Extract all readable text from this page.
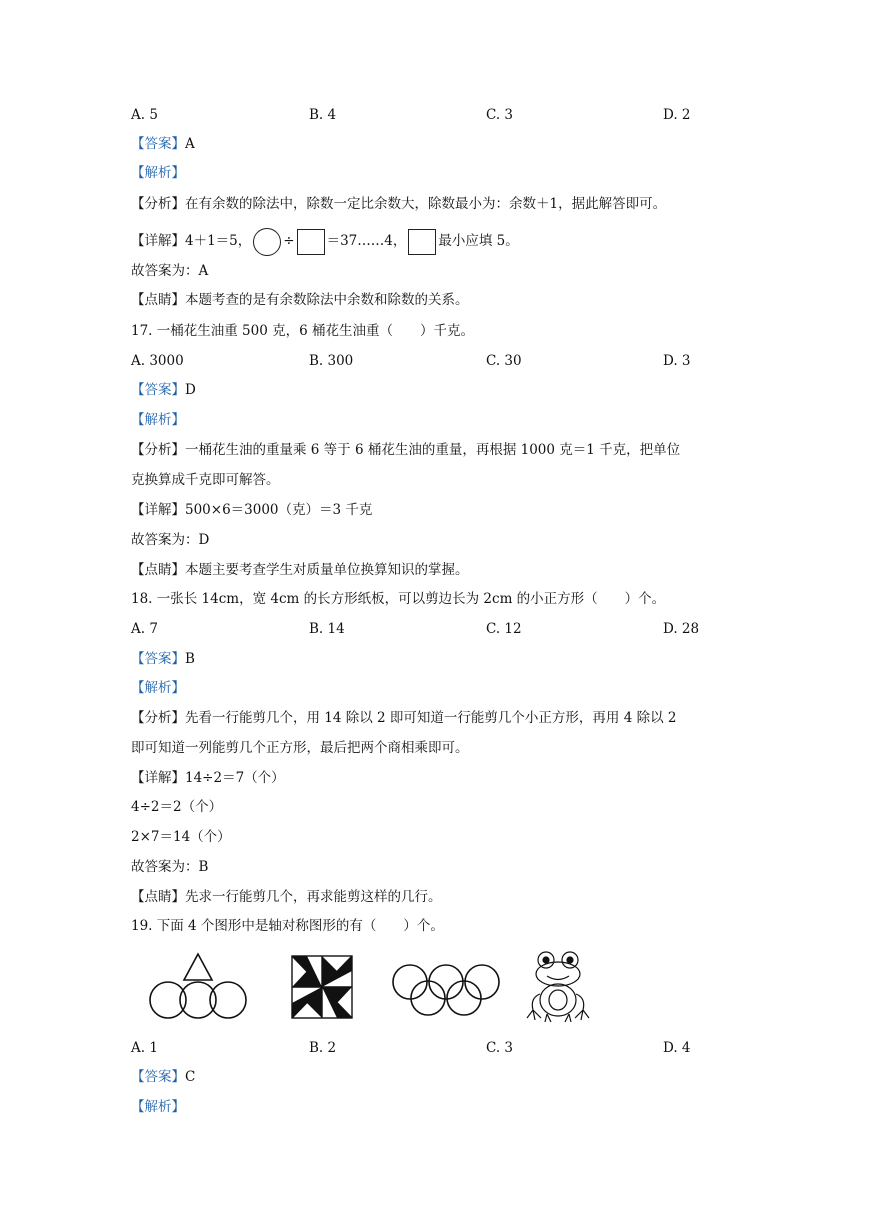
A. 5	B. 4	C. 3	D. 2
【答案】A
【解析】
【分析】在有余数的除法中，除数一定比余数大，除数最小为：余数＋1，据此解答即可。
【详解】4＋1＝5， ÷ ＝37……4， 最小应填 5。
故答案为：A
【点睛】本题考查的是有余数除法中余数和除数的关系。
17. 一桶花生油重 500 克，6 桶花生油重（　　）千克。
A. 3000	B. 300	C. 30	D. 3
【答案】D
【解析】
【分析】一桶花生油的重量乘 6 等于 6 桶花生油的重量，再根据 1000 克＝1 千克，把单位
克换算成千克即可解答。
【详解】500×6＝3000（克）＝3 千克
故答案为：D
【点睛】本题主要考查学生对质量单位换算知识的掌握。
18. 一张长 14cm，宽 4cm 的长方形纸板，可以剪边长为 2cm 的小正方形（　　）个。
A. 7	B. 14	C. 12	D. 28
【答案】B
【解析】
【分析】先看一行能剪几个，用 14 除以 2 即可知道一行能剪几个小正方形，再用 4 除以 2
即可知道一列能剪几个正方形，最后把两个商相乘即可。
【详解】14÷2＝7（个）
4÷2＝2（个）
2×7＝14（个）
故答案为：B
【点睛】先求一行能剪几个，再求能剪这样的几行。
19. 下面 4 个图形中是轴对称图形的有（　　）个。
A. 1	B. 2	C. 3	D. 4
【答案】C
【解析】
